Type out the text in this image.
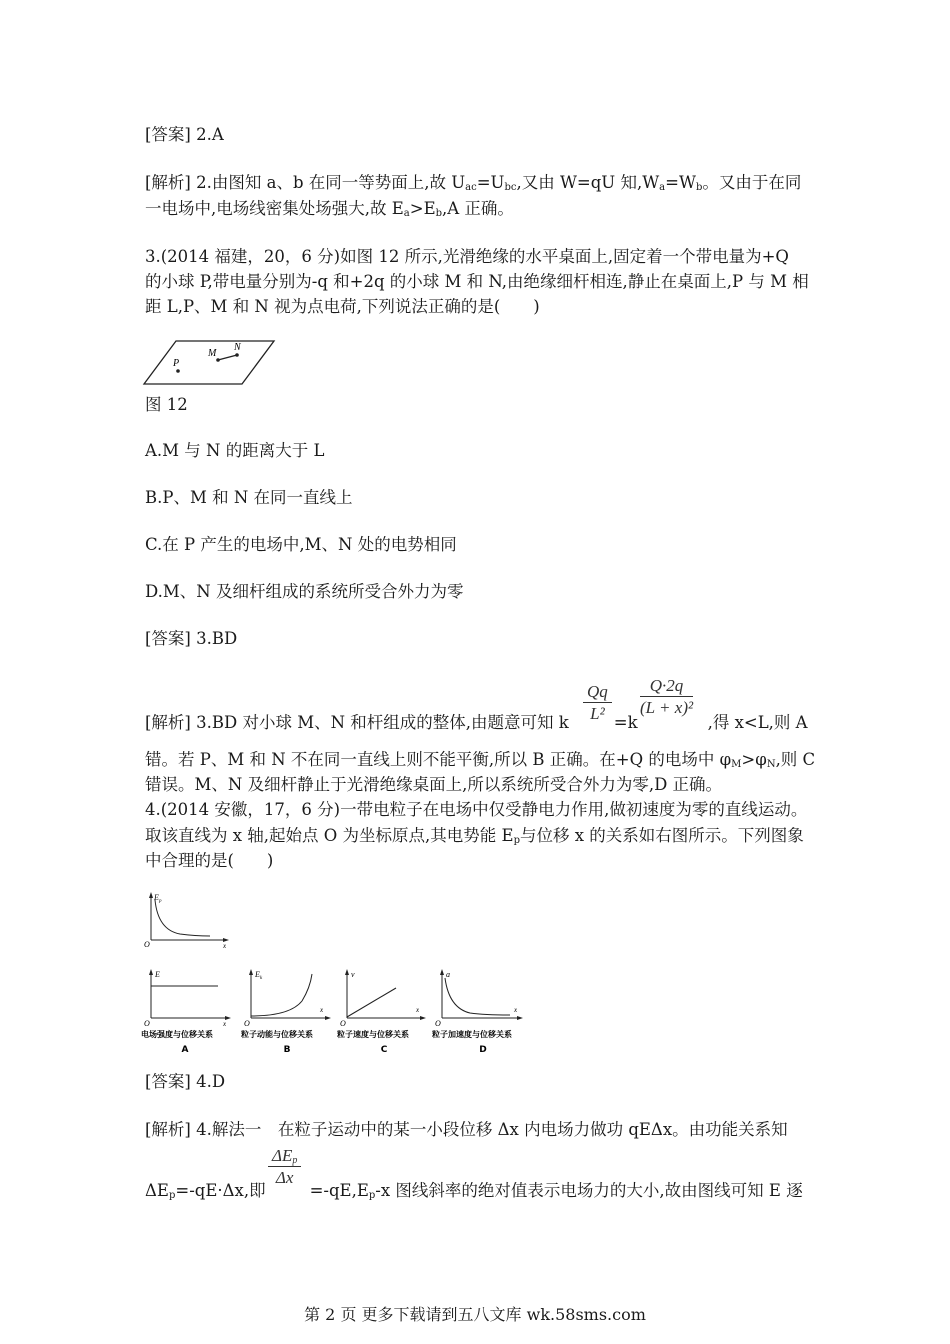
[答案] 2.A
[解析] 2.由图知 a、b 在同一等势面上,故 $U_{ac}=U_{bc}$,又由 W=qU 知$,W_a=W_b$。又由于在同
一电场中,电场线密集处场强大,故 $E_a>E_b,A$ 正确。
3.(2014 福建，20，6 分)如图 12 所示,光滑绝缘的水平桌面上,固定着一个带电量为+Q
的小球 P,带电量分别为-q 和+2q 的小球 M 和 N,由绝缘细杆相连,静止在桌面上,P 与 M 相
距 L,P、M 和 N 视为点电荷,下列说法正确的是(　　)
P
M
N
图 12
A.M 与 N 的距离大于 L
B.P、M 和 N 在同一直线上
C.在 P 产生的电场中,M、N 处的电势相同
D.M、N 及细杆组成的系统所受合外力为零
[答案] 3.BD
$\frac{Qq}{\text{L²}} \frac{Q\cdot 2q}{\text{(L + x)²}}$
[解析] 3.BD 对小球 M、N 和杆组成的整体,由题意可知 k	=k	,得 x<L,则 A
错。若 P、M 和 N 不在同一直线上则不能平衡,所以 B 正确。在+Q 的电场中 $\varphi_M>\varphi_N$,则 C
错误。M、N 及细杆静止于光滑绝缘桌面上,所以系统所受合外力为零,D 正确。
4.(2014 安徽，17，6 分)一带电粒子在电场中仅受静电力作用,做初速度为零的直线运动。
取该直线为 x 轴,起始点 O 为坐标原点,其电势能 $E_p$与位移 x 的关系如右图所示。下列图象
中合理的是(　　)
E p
O	x
E
O	x
电场强度与位移关系
A
E k
O
x
粒子动能与位移关系
B
v
O
x
粒子速度与位移关系
C
a
O
x
粒子加速度与位移关系
D
[答案] 4.D
[解析] 4.解法一　在粒子运动中的某一小段位移 Δx 内电场力做功 qEΔx。由功能关系知
$\Delta E_p$
Δx
$\Delta E_p=-qE\cdot\Delta x$,即	$=-qE,E_p-x$ 图线斜率的绝对值表示电场力的大小,故由图线可知 E 逐
第 2 页 更多下载请到五八文库 wk.58sms.com
